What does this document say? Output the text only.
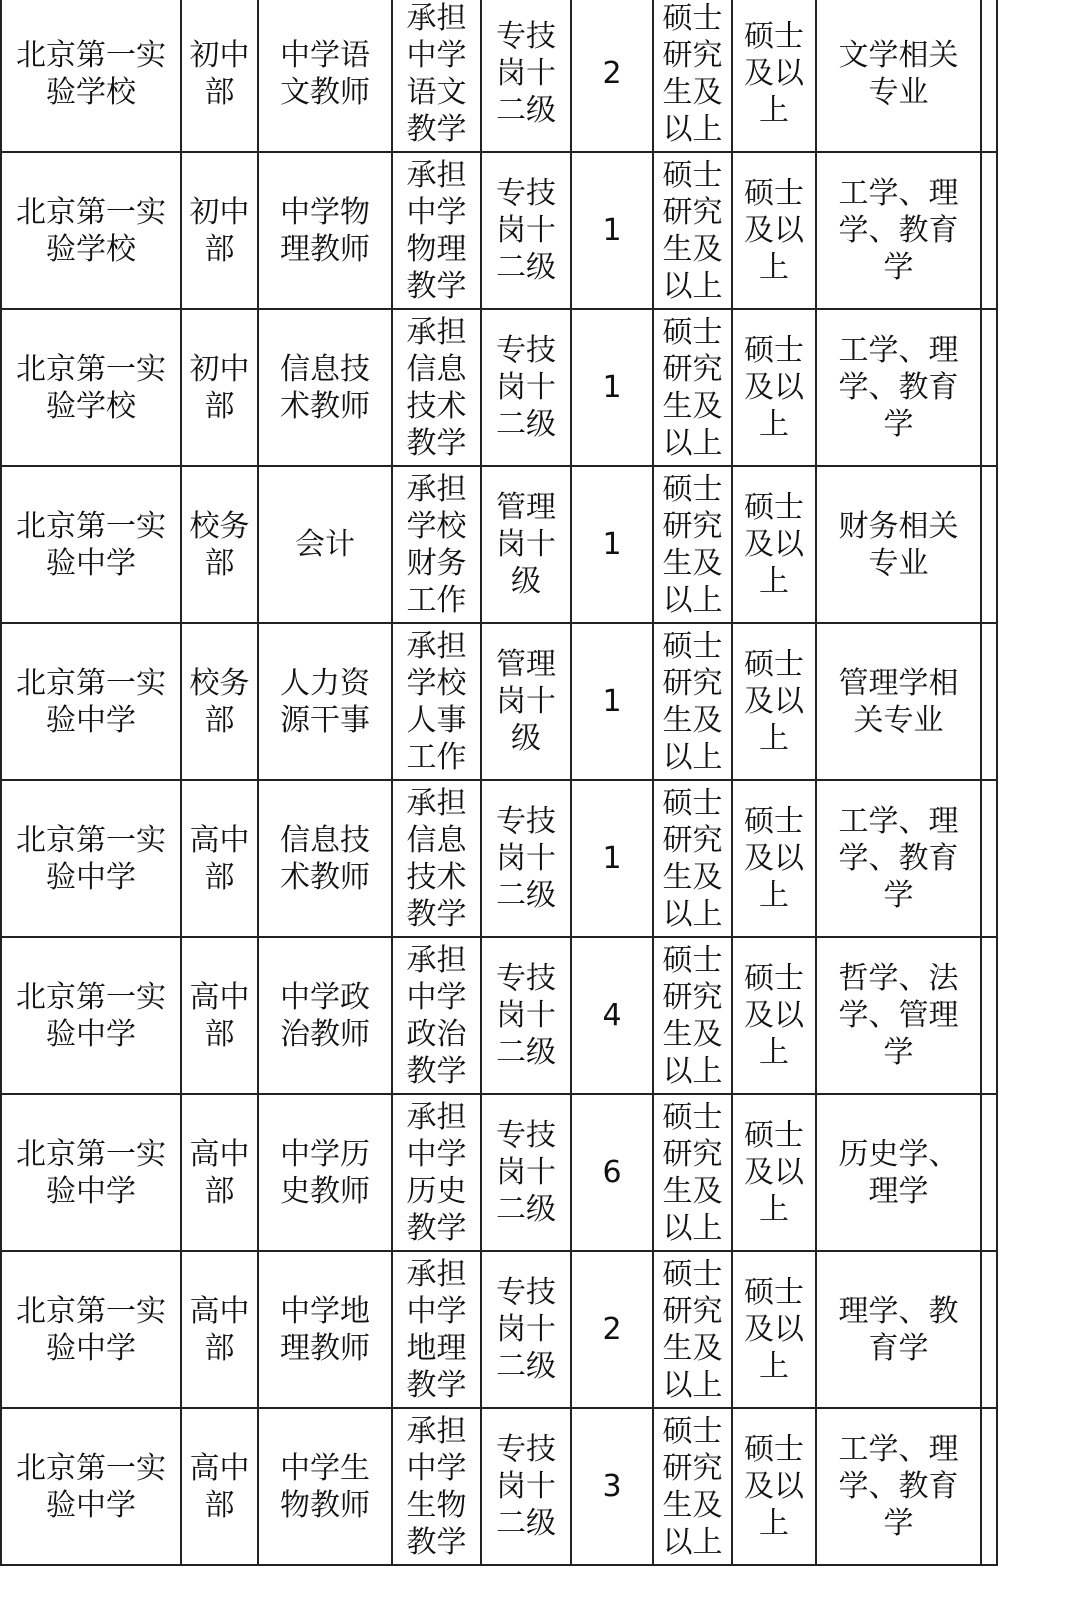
北京第一实验学校	初中部	中学语文教师	承担中学语文教学	专技岗十二级	2	硕士研究生及以上	硕士及以上	文学相关专业	
北京第一实验学校	初中部	中学物理教师	承担中学物理教学	专技岗十二级	1	硕士研究生及以上	硕士及以上	工学、理学、教育学	
北京第一实验学校	初中部	信息技术教师	承担信息技术教学	专技岗十二级	1	硕士研究生及以上	硕士及以上	工学、理学、教育学	
北京第一实验中学	校务部	会计	承担学校财务工作	管理岗十级	1	硕士研究生及以上	硕士及以上	财务相关专业	
北京第一实验中学	校务部	人力资源干事	承担学校人事工作	管理岗十级	1	硕士研究生及以上	硕士及以上	管理学相关专业	
北京第一实验中学	高中部	信息技术教师	承担信息技术教学	专技岗十二级	1	硕士研究生及以上	硕士及以上	工学、理学、教育学	
北京第一实验中学	高中部	中学政治教师	承担中学政治教学	专技岗十二级	4	硕士研究生及以上	硕士及以上	哲学、法学、管理学	
北京第一实验中学	高中部	中学历史教师	承担中学历史教学	专技岗十二级	6	硕士研究生及以上	硕士及以上	历史学、理学	
北京第一实验中学	高中部	中学地理教师	承担中学地理教学	专技岗十二级	2	硕士研究生及以上	硕士及以上	理学、教育学	
北京第一实验中学	高中部	中学生物教师	承担中学生物教学	专技岗十二级	3	硕士研究生及以上	硕士及以上	工学、理学、教育学	
